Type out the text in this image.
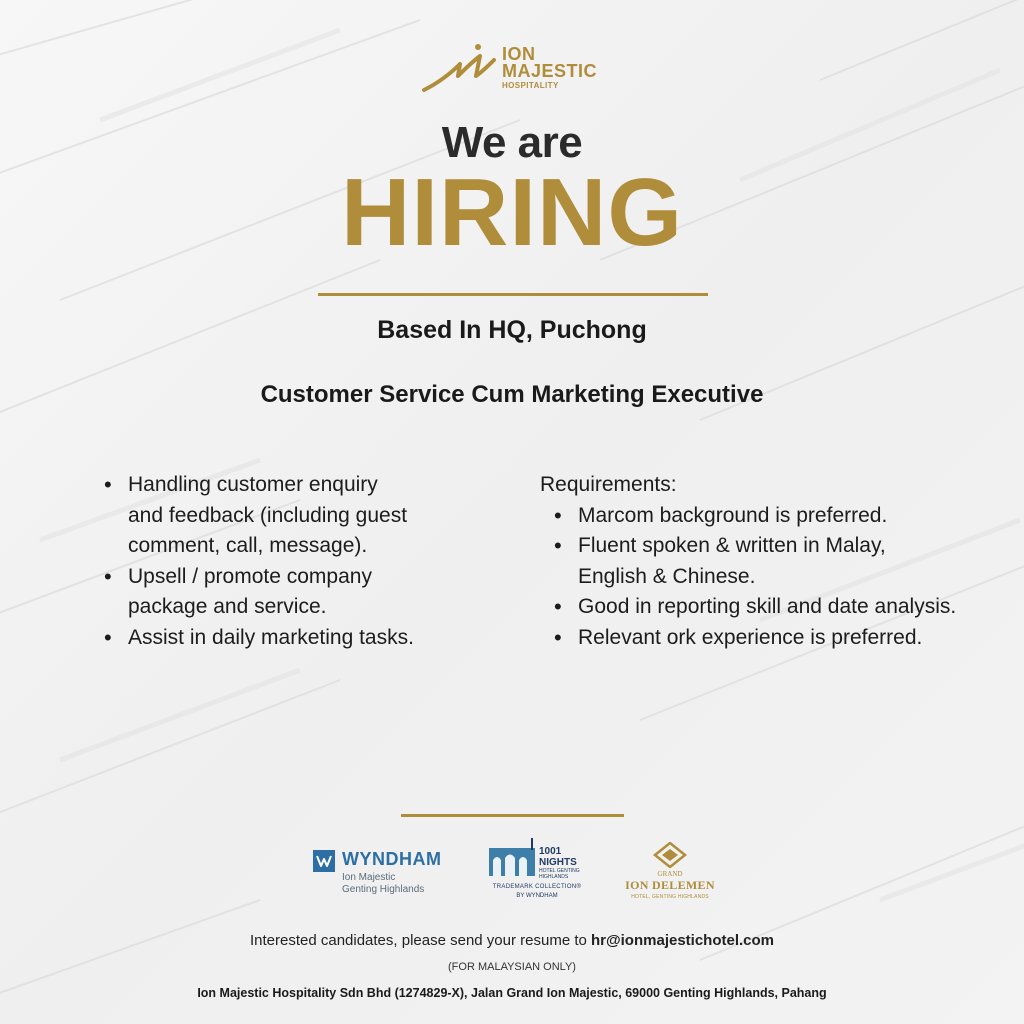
ION
MAJESTIC
HOSPITALITY
We are
HIRING
Based In HQ, Puchong
Customer Service Cum Marketing Executive
• Handling customer enquiry and feedback (including guest comment, call, message).
• Upsell / promote company package and service.
• Assist in daily marketing tasks.
Requirements:
• Marcom background is preferred.
• Fluent spoken & written in Malay, English & Chinese.
• Good in reporting skill and date analysis.
• Relevant ork experience is preferred.
WYNDHAM
Ion Majestic
Genting Highlands
1001
NIGHTS
HOTEL GENTING HIGHLANDS
TRADEMARK COLLECTION®
BY WYNDHAM
GRAND
ION DELEMEN
HOTEL, GENTING HIGHLANDS
Interested candidates, please send your resume to hr@ionmajestichotel.com
(FOR MALAYSIAN ONLY)
Ion Majestic Hospitality Sdn Bhd (1274829-X), Jalan Grand Ion Majestic, 69000 Genting Highlands, Pahang
